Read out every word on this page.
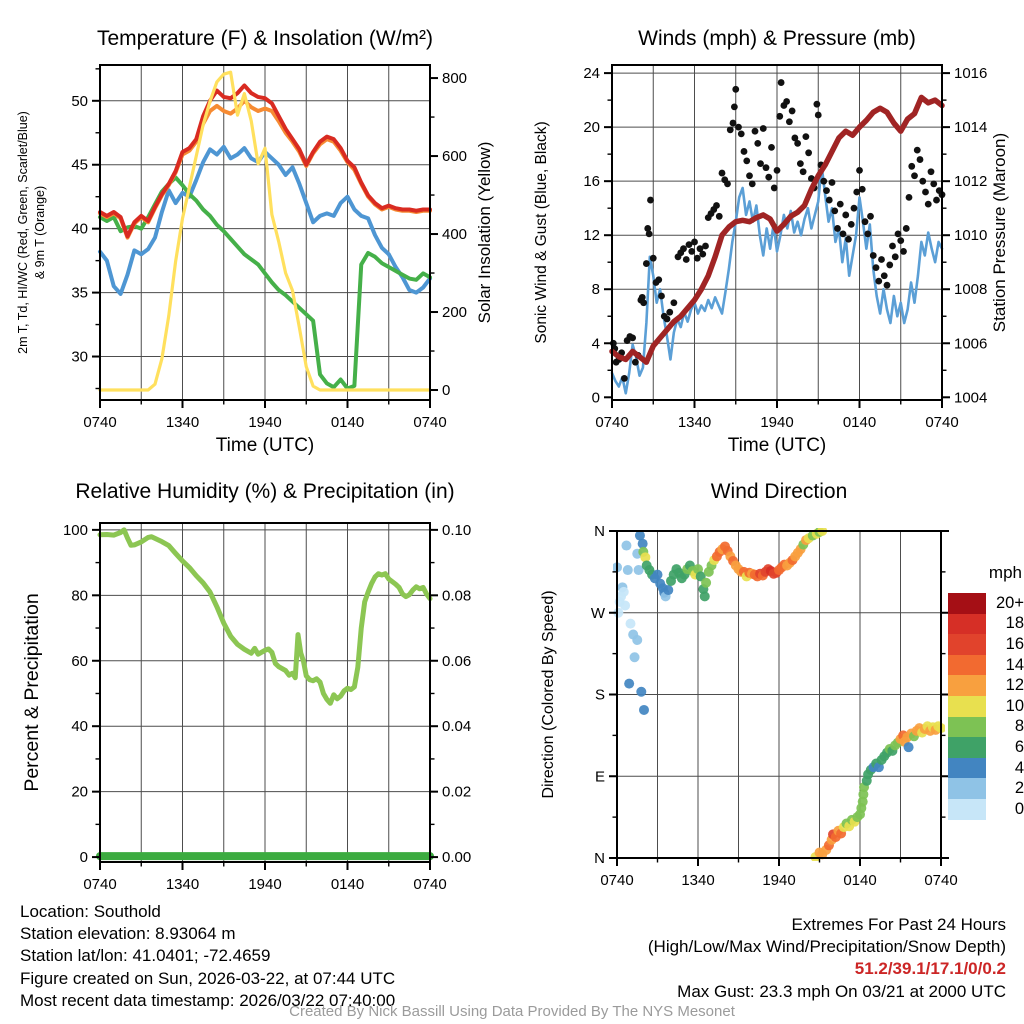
Temperature (F) & Insolation (W/m²)
0740	1340	1940	0140	0740
30
35
40
45
50
0
200
400
600
800
2m T, Td, HI/WC (Red, Green, Scarlet/Blue) & 9m T (Orange)	Solar Insolation (Yellow)
Time (UTC)
Winds (mph) & Pressure (mb)
0740	1340	1940	0140	0740
0
4
8
12
16
20
24
1004
1006
1008
1010
1012
1014
1016
Sonic Wind & Gust (Blue, Black)	Station Pressure (Maroon)
Time (UTC)
Relative Humidity (%) & Precipitation (in)
0740	1340	1940	0140	0740
0
20
40
60
80
100
0.00
0.02
0.04
0.06
0.08
0.10
Percent & Precipitation
Wind Direction
0740	1340	1940	0140	0740
N
E
S
W
N
Direction (Colored By Speed)
mph
20+
18
16
14
12
10
8
6
4
2
0
Location: Southold
Station elevation: 8.93064 m
Station lat/lon: 41.0401; -72.4659
Figure created on Sun, 2026-03-22, at 07:44 UTC
Most recent data timestamp: 2026/03/22 07:40:00
Extremes For Past 24 Hours
(High/Low/Max Wind/Precipitation/Snow Depth)
51.2/39.1/17.1/0/0.2
Max Gust: 23.3 mph On 03/21 at 2000 UTC
Created By Nick Bassill Using Data Provided By The NYS Mesonet
